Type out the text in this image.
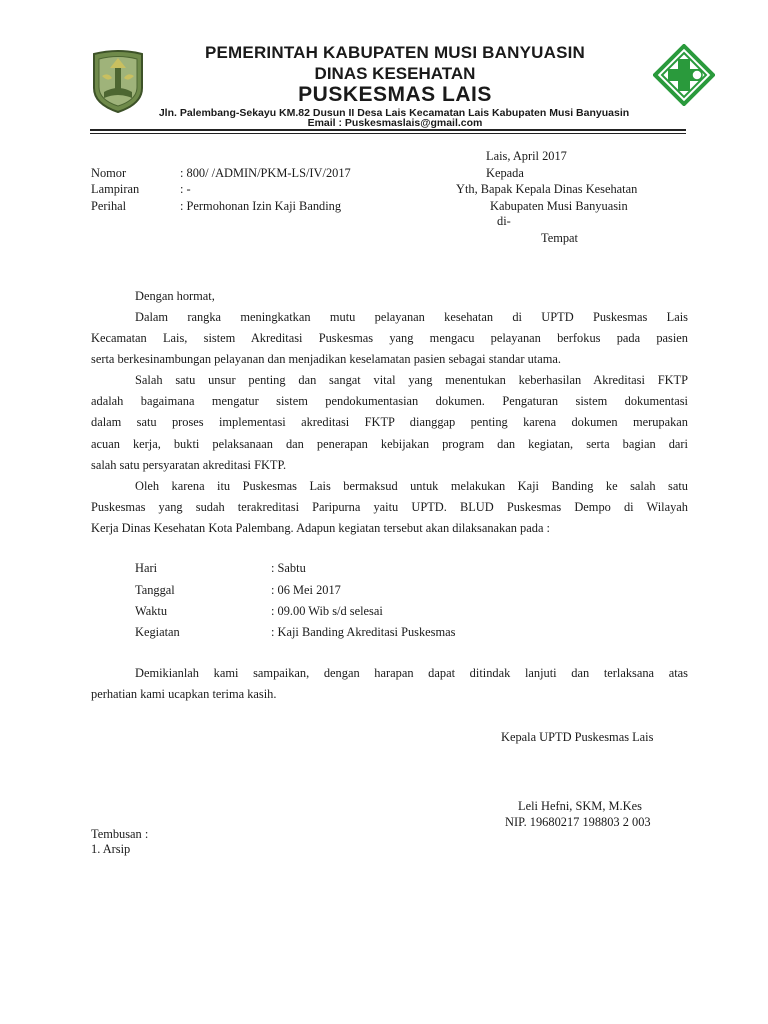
PEMERINTAH KABUPATEN MUSI BANYUASIN
DINAS KESEHATAN
PUSKESMAS LAIS
Jln. Palembang-Sekayu KM.82 Dusun II Desa Lais Kecamatan Lais Kabupaten Musi Banyuasin
Email : Puskesmaslais@gmail.com
Lais, April 2017
Nomor	: 800/ /ADMIN/PKM-LS/IV/2017
Lampiran	: -
Perihal	: Permohonan Izin Kaji Banding
Kepada
Yth, Bapak Kepala Dinas Kesehatan
Kabupaten Musi Banyuasin
di-
Tempat
Dengan hormat,
Dalam rangka meningkatkan mutu pelayanan kesehatan di UPTD Puskesmas Lais
Kecamatan Lais, sistem Akreditasi Puskesmas yang mengacu pelayanan berfokus pada pasien
serta berkesinambungan pelayanan dan menjadikan keselamatan pasien sebagai standar utama.
Salah satu unsur penting dan sangat vital yang menentukan keberhasilan Akreditasi FKTP
adalah bagaimana mengatur sistem pendokumentasian dokumen. Pengaturan sistem dokumentasi
dalam satu proses implementasi akreditasi FKTP dianggap penting karena dokumen merupakan
acuan kerja, bukti pelaksanaan dan penerapan kebijakan program dan kegiatan, serta bagian dari
salah satu persyaratan akreditasi FKTP.
Oleh karena itu Puskesmas Lais bermaksud untuk melakukan Kaji Banding ke salah satu
Puskesmas yang sudah terakreditasi Paripurna yaitu UPTD. BLUD Puskesmas Dempo di Wilayah
Kerja Dinas Kesehatan Kota Palembang. Adapun kegiatan tersebut akan dilaksanakan pada :
Hari	: Sabtu
Tanggal	: 06 Mei 2017
Waktu	: 09.00 Wib s/d selesai
Kegiatan	: Kaji Banding Akreditasi Puskesmas
Demikianlah kami sampaikan, dengan harapan dapat ditindak lanjuti dan terlaksana atas
perhatian kami ucapkan terima kasih.
Kepala UPTD Puskesmas Lais
Leli Hefni, SKM, M.Kes
NIP. 19680217 198803 2 003
Tembusan :
1. Arsip
